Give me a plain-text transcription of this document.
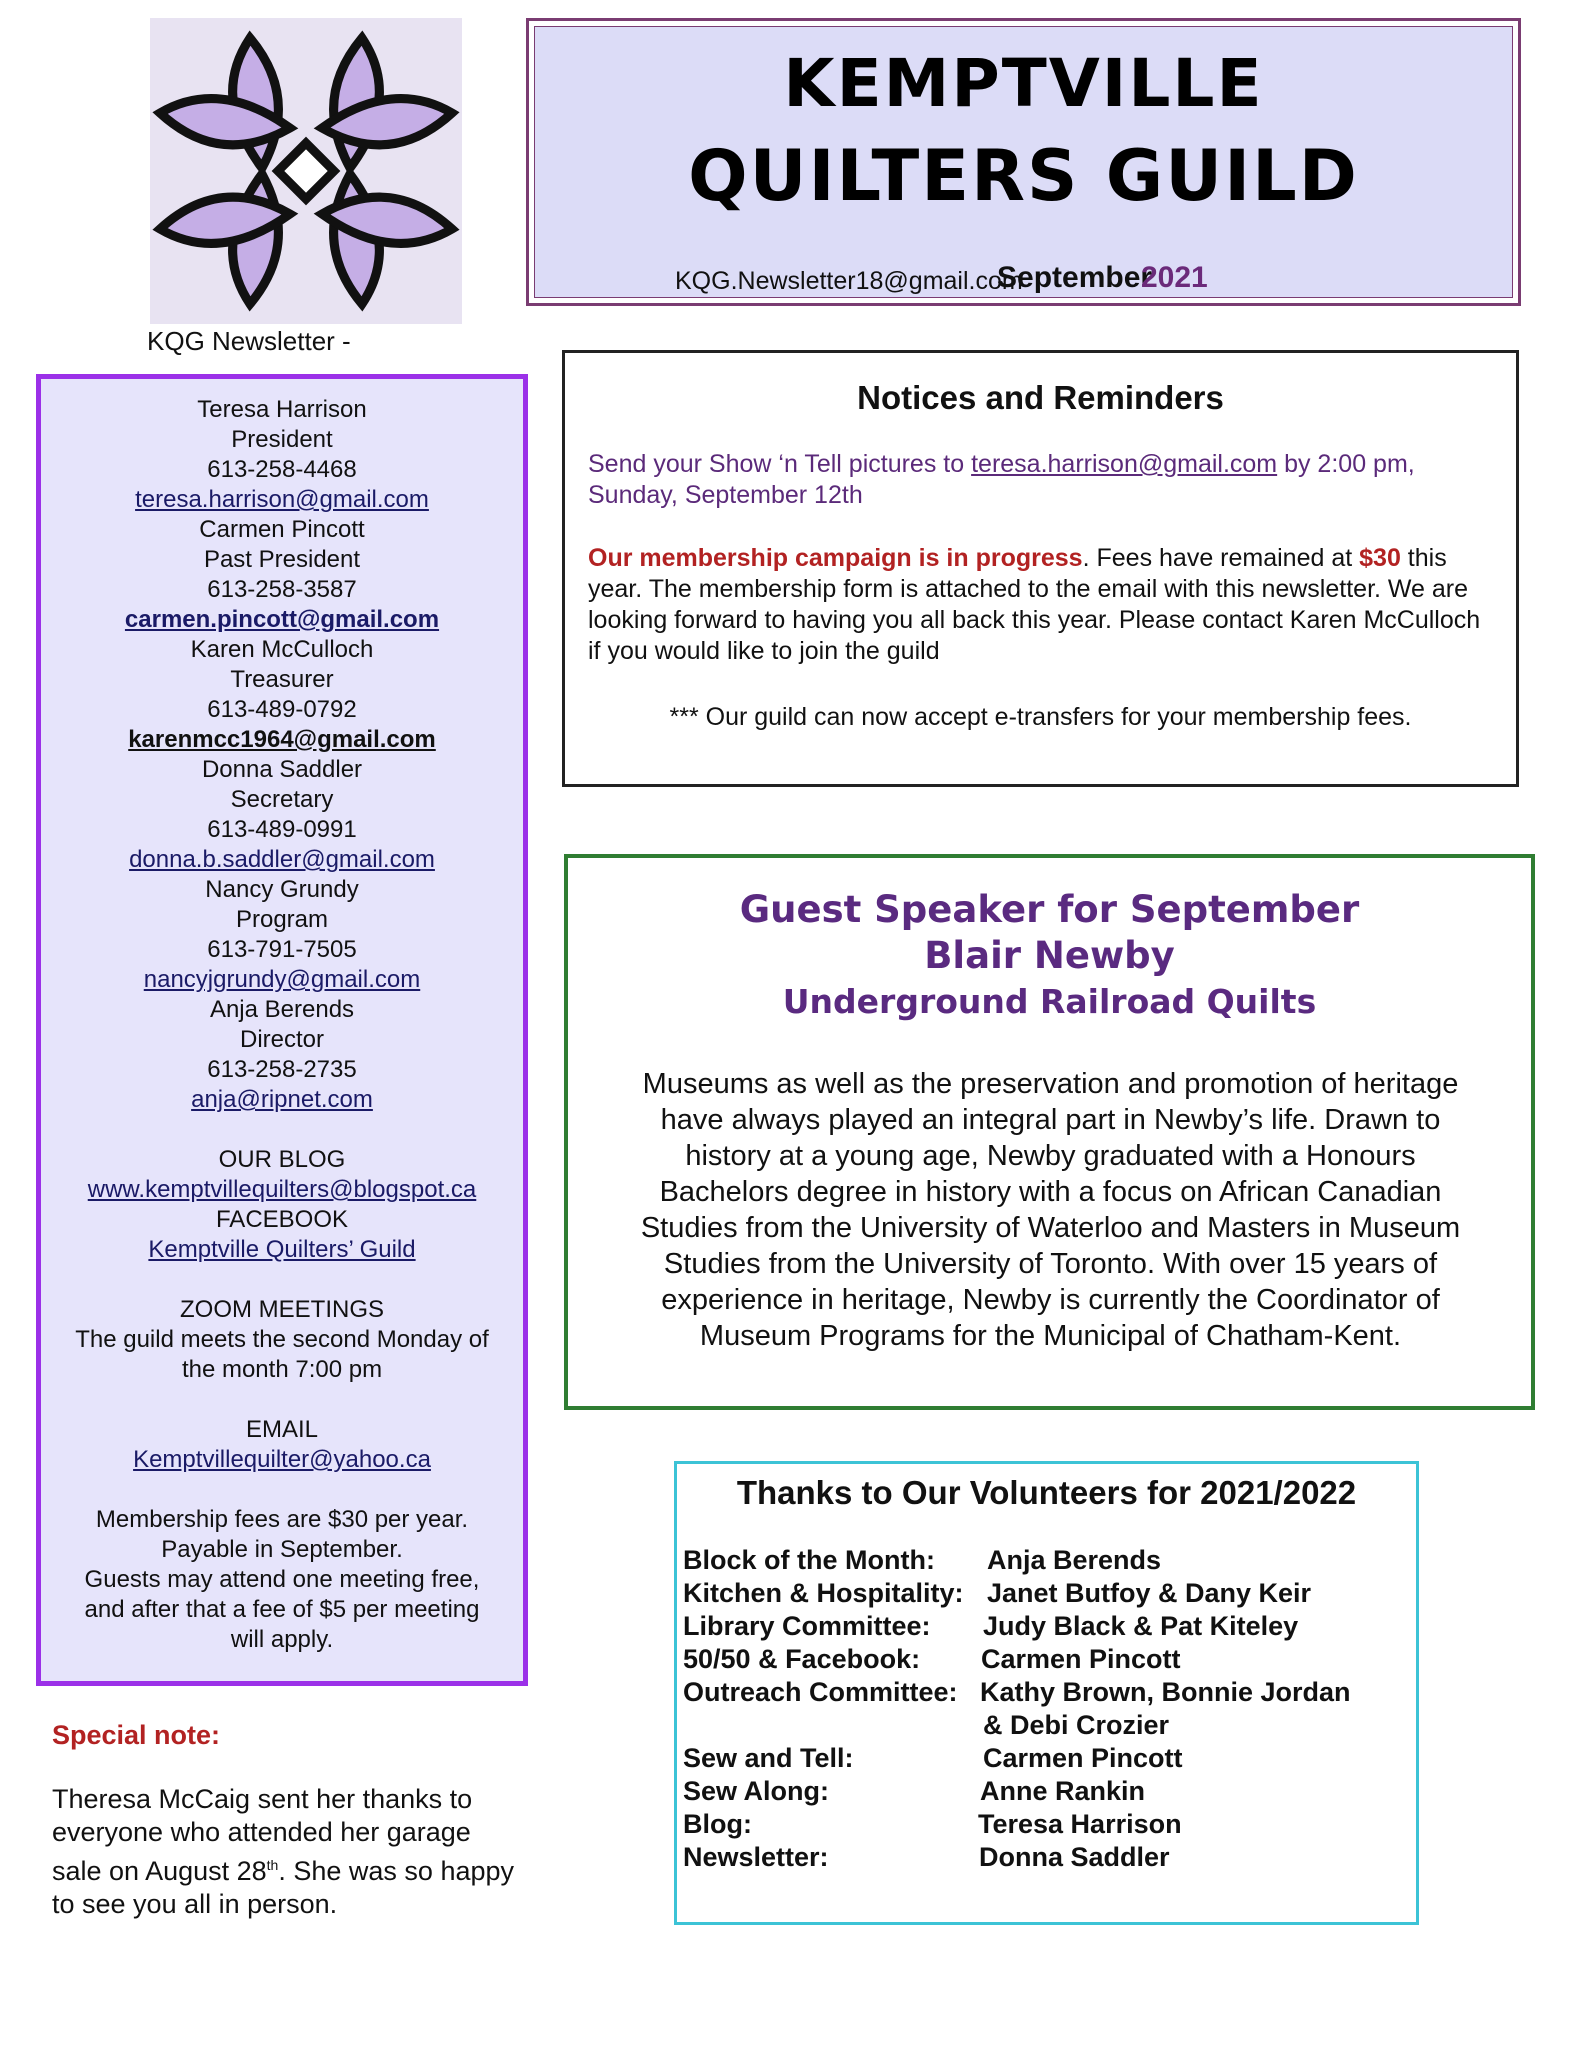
KQG Newsletter -
KEMPTVILLE
QUILTERS GUILD
KQG.Newsletter18@gmail.com
September
2021
Teresa Harrison
President
613-258-4468
teresa.harrison@gmail.com
Carmen Pincott
Past President
613-258-3587
carmen.pincott@gmail.com
Karen McCulloch
Treasurer
613-489-0792
karenmcc1964@gmail.com
Donna Saddler
Secretary
613-489-0991
donna.b.saddler@gmail.com
Nancy Grundy
Program
613-791-7505
nancyjgrundy@gmail.com
Anja Berends
Director
613-258-2735
anja@ripnet.com
OUR BLOG
www.kemptvillequilters@blogspot.ca
FACEBOOK
Kemptville Quilters’ Guild
ZOOM MEETINGS
The guild meets the second Monday of
the month 7:00 pm
EMAIL
Kemptvillequilter@yahoo.ca
Membership fees are $30 per year.
Payable in September.
Guests may attend one meeting free,
and after that a fee of $5 per meeting
will apply.
Special note:
Theresa McCaig sent her thanks to everyone who attended her garage sale on August 28th. She was so happy to see you all in person.
Notices and Reminders
Send your Show ‘n Tell pictures to teresa.harrison@gmail.com by 2:00 pm, Sunday, September 12th
Our membership campaign is in progress. Fees have remained at $30 this year. The membership form is attached to the email with this newsletter. We are looking forward to having you all back this year. Please contact Karen McCulloch if you would like to join the guild
*** Our guild can now accept e-transfers for your membership fees.
Guest Speaker for September
Blair Newby
Underground Railroad Quilts
Museums as well as the preservation and promotion of heritage
have always played an integral part in Newby’s life. Drawn to
history at a young age, Newby graduated with a Honours
Bachelors degree in history with a focus on African Canadian
Studies from the University of Waterloo and Masters in Museum
Studies from the University of Toronto. With over 15 years of
experience in heritage, Newby is currently the Coordinator of
Museum Programs for the Municipal of Chatham-Kent.
Thanks to Our Volunteers for 2021/2022
Block of the Month: Anja Berends
Kitchen & Hospitality: Janet Butfoy & Dany Keir
Library Committee: Judy Black & Pat Kiteley
50/50 & Facebook: Carmen Pincott
Outreach Committee: Kathy Brown, Bonnie Jordan
& Debi Crozier
Sew and Tell:	Carmen Pincott
Sew Along:	Anne Rankin
Blog:	Teresa Harrison
Newsletter:	Donna Saddler
